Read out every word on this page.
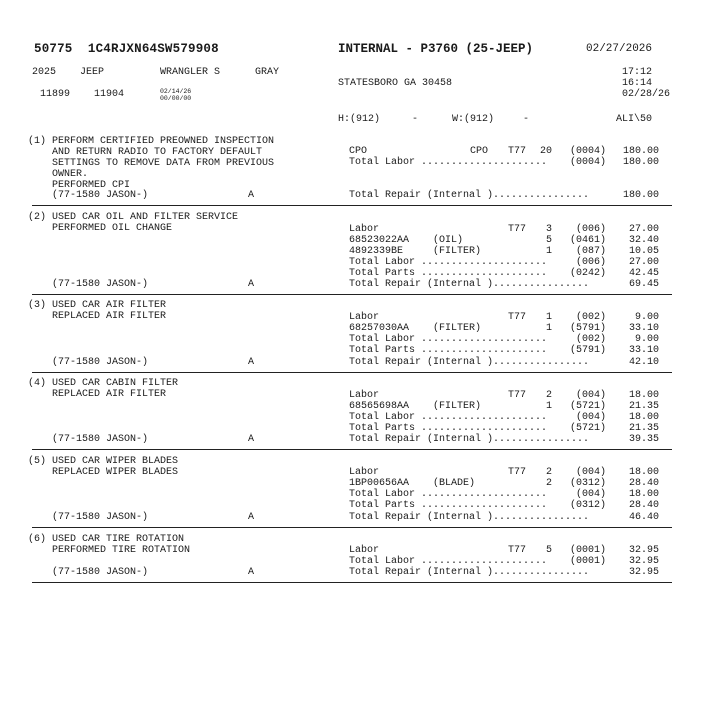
50775  1C4RJXN64SW579908	INTERNAL - P3760 (25-JEEP)	02/27/2026
2025 JEEP	WRANGLER S	GRAY	17:12
16:14
STATESBORO GA 30458
02/28/26
11899 11904	02/14/26
00/00/00
H:(912)	-	W:(912)	-	ALI\50
(1) PERFORM CERTIFIED PREOWNED INSPECTION
AND RETURN RADIO TO FACTORY DEFAULT
SETTINGS TO REMOVE DATA FROM PREVIOUS
OWNER.
PERFORMED CPI
(77-1580 JASON-)	A
CPO	CPO T77	20	(0004)	180.00
Total Labor .....................	(0004)	180.00
Total Repair (Internal )................	180.00
(2) USED CAR OIL AND FILTER SERVICE
PERFORMED OIL CHANGE
(77-1580 JASON-)	A
Labor	T77	3	(006)	27.00
68523022AA (OIL)	5	(0461)	32.40
4892339BE	(FILTER)	1	(087)	10.05
Total Labor .....................	(006)	27.00
Total Parts .....................	(0242)	42.45
Total Repair (Internal )................	69.45
(3) USED CAR AIR FILTER
REPLACED AIR FILTER
(77-1580 JASON-)	A
Labor	T77	1	(002)	9.00
68257030AA (FILTER)	1	(5791)	33.10
Total Labor .....................	(002)	9.00
Total Parts .....................	(5791)	33.10
Total Repair (Internal )................	42.10
(4) USED CAR CABIN FILTER
REPLACED AIR FILTER
(77-1580 JASON-)	A
Labor	T77	2	(004)	18.00
68565698AA (FILTER)	1	(5721)	21.35
Total Labor .....................	(004)	18.00
Total Parts .....................	(5721)	21.35
Total Repair (Internal )................	39.35
(5) USED CAR WIPER BLADES
REPLACED WIPER BLADES
(77-1580 JASON-)	A
Labor	T77	2	(004)	18.00
1BP00656AA (BLADE)	2	(0312)	28.40
Total Labor .....................	(004)	18.00
Total Parts .....................	(0312)	28.40
Total Repair (Internal )................	46.40
(6) USED CAR TIRE ROTATION
PERFORMED TIRE ROTATION
(77-1580 JASON-)	A
Labor	T77	5	(0001)	32.95
Total Labor .....................	(0001)	32.95
Total Repair (Internal )................	32.95
